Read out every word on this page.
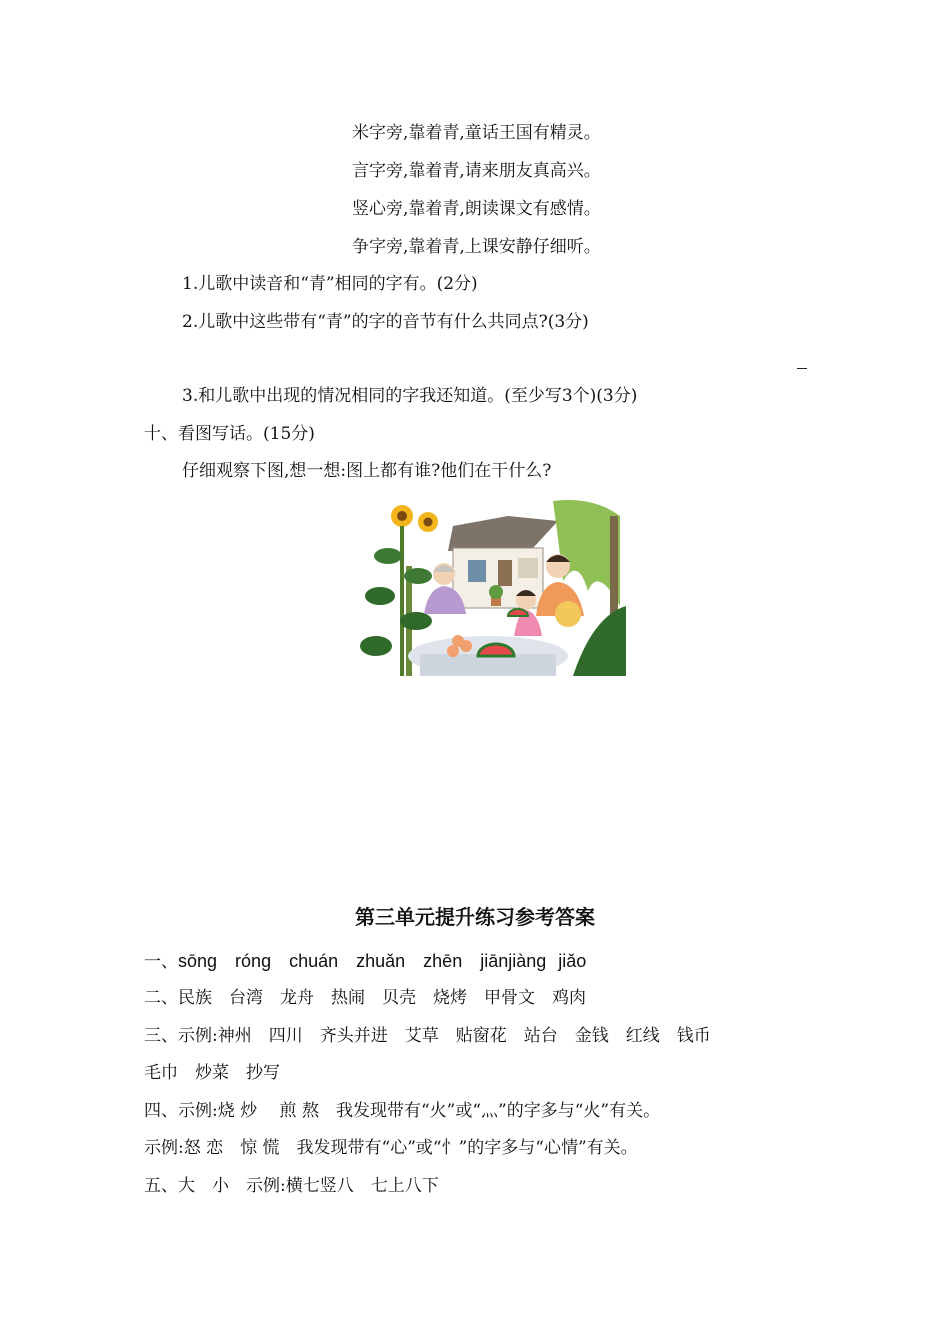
米字旁,靠着青,童话王国有精灵。
言字旁,靠着青,请来朋友真高兴。
竖心旁,靠着青,朗读课文有感情。
争字旁,靠着青,上课安静仔细听。
1.儿歌中读音和“青”相同的字有。(2分)
2.儿歌中这些带有“青”的字的音节有什么共同点?(3分)
3.和儿歌中出现的情况相同的字我还知道。(至少写3个)(3分)
十、看图写话。(15分)
仔细观察下图,想一想:图上都有谁?他们在干什么?
第三单元提升练习参考答案
一、sōng róng chuán zhuǎn zhēn jiānjiàng jiǎo
二、民族　台湾　龙舟　热闹　贝壳　烧烤　甲骨文　鸡肉
三、示例:神州　四川　齐头并进　艾草　贴窗花　站台　金钱　红线　钱币
毛巾　炒菜　抄写
四、示例:烧 炒　 煎 熬　我发现带有“火”或“灬”的字多与“火”有关。
示例:怒 恋　惊 慌　我发现带有“心”或“忄”的字多与“心情”有关。
五、大　小　示例:横七竖八　七上八下
